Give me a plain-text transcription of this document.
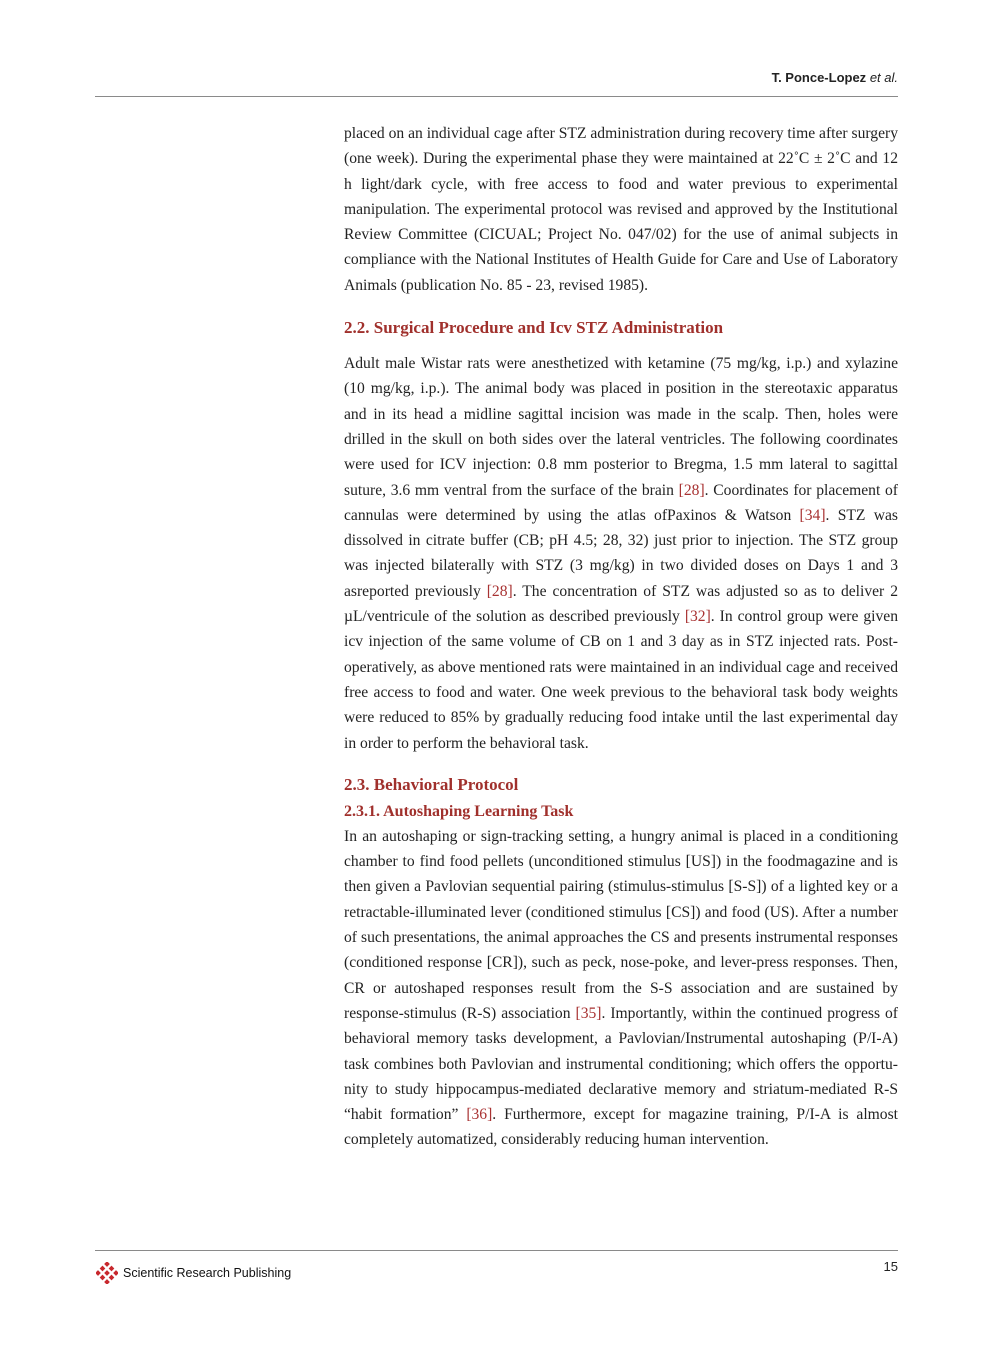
T. Ponce-Lopez et al.

placed on an individual cage after STZ administration during recovery time after surgery (one week). During the experimental phase they were maintained at 22˚C ± 2˚C and 12 h light/dark cycle, with free access to food and water previous to experimental manipulation. The experimental protocol was revised and approved by the Institutional Review Committee (CICUAL; Project No. 047/02) for the use of animal subjects in compliance with the National Institutes of Health Guide for Care and Use of Laboratory Animals (publication No. 85 - 23, revised 1985).

2.2. Surgical Procedure and Icv STZ Administration

Adult male Wistar rats were anesthetized with ketamine (75 mg/kg, i.p.) and xylazine (10 mg/kg, i.p.). The animal body was placed in position in the stereotaxic apparatus and in its head a midline sagittal incision was made in the scalp. Then, holes were drilled in the skull on both sides over the lateral ventricles. The following coordinates were used for ICV injection: 0.8 mm posterior to Bregma, 1.5 mm lateral to sagittal suture, 3.6 mm ventral from the surface of the brain [28]. Coordinates for placement of cannulas were determined by using the atlas ofPaxinos & Watson [34]. STZ was dissolved in citrate buffer (CB; pH 4.5; 28, 32) just prior to injection. The STZ group was injected bilaterally with STZ (3 mg/kg) in two divided doses on Days 1 and 3 asreported previously [28]. The concentration of STZ was adjusted so as to deliver 2 µL/ventricule of the solution as described previously [32]. In control group were given icv injection of the same volume of CB on 1 and 3 day as in STZ injected rats. Post-operatively, as above mentioned rats were maintained in an individual cage and received free access to food and water. One week previous to the behavioral task body weights were reduced to 85% by gradually reducing food intake until the last experimental day in order to perform the behavioral task.

2.3. Behavioral Protocol
2.3.1. Autoshaping Learning Task

In an autoshaping or sign-tracking setting, a hungry animal is placed in a conditioning chamber to find food pellets (unconditioned stimulus [US]) in the foodmagazine and is then given a Pavlovian sequential pairing (stimulus-stimulus [S-S]) of a lighted key or a retractable-illuminated lever (conditioned stimulus [CS]) and food (US). After a number of such presentations, the animal approaches the CS and presents instrumental responses (conditioned response [CR]), such as peck, nose-poke, and lever-press responses. Then, CR or autoshaped responses result from the S-S association and are sustained by response-stimulus (R-S) association [35]. Importantly, within the continued progress of behavioral memory tasks development, a Pavlovian/Instrumental autoshaping (P/I-A) task combines both Pavlovian and instrumental conditioning; which offers the opportunity to study hippocampus-mediated declarative memory and striatum-mediated R-S “habit formation” [36]. Furthermore, except for magazine training, P/I-A is almost completely automatized, considerably reducing human intervention.

Scientific Research Publishing	15
